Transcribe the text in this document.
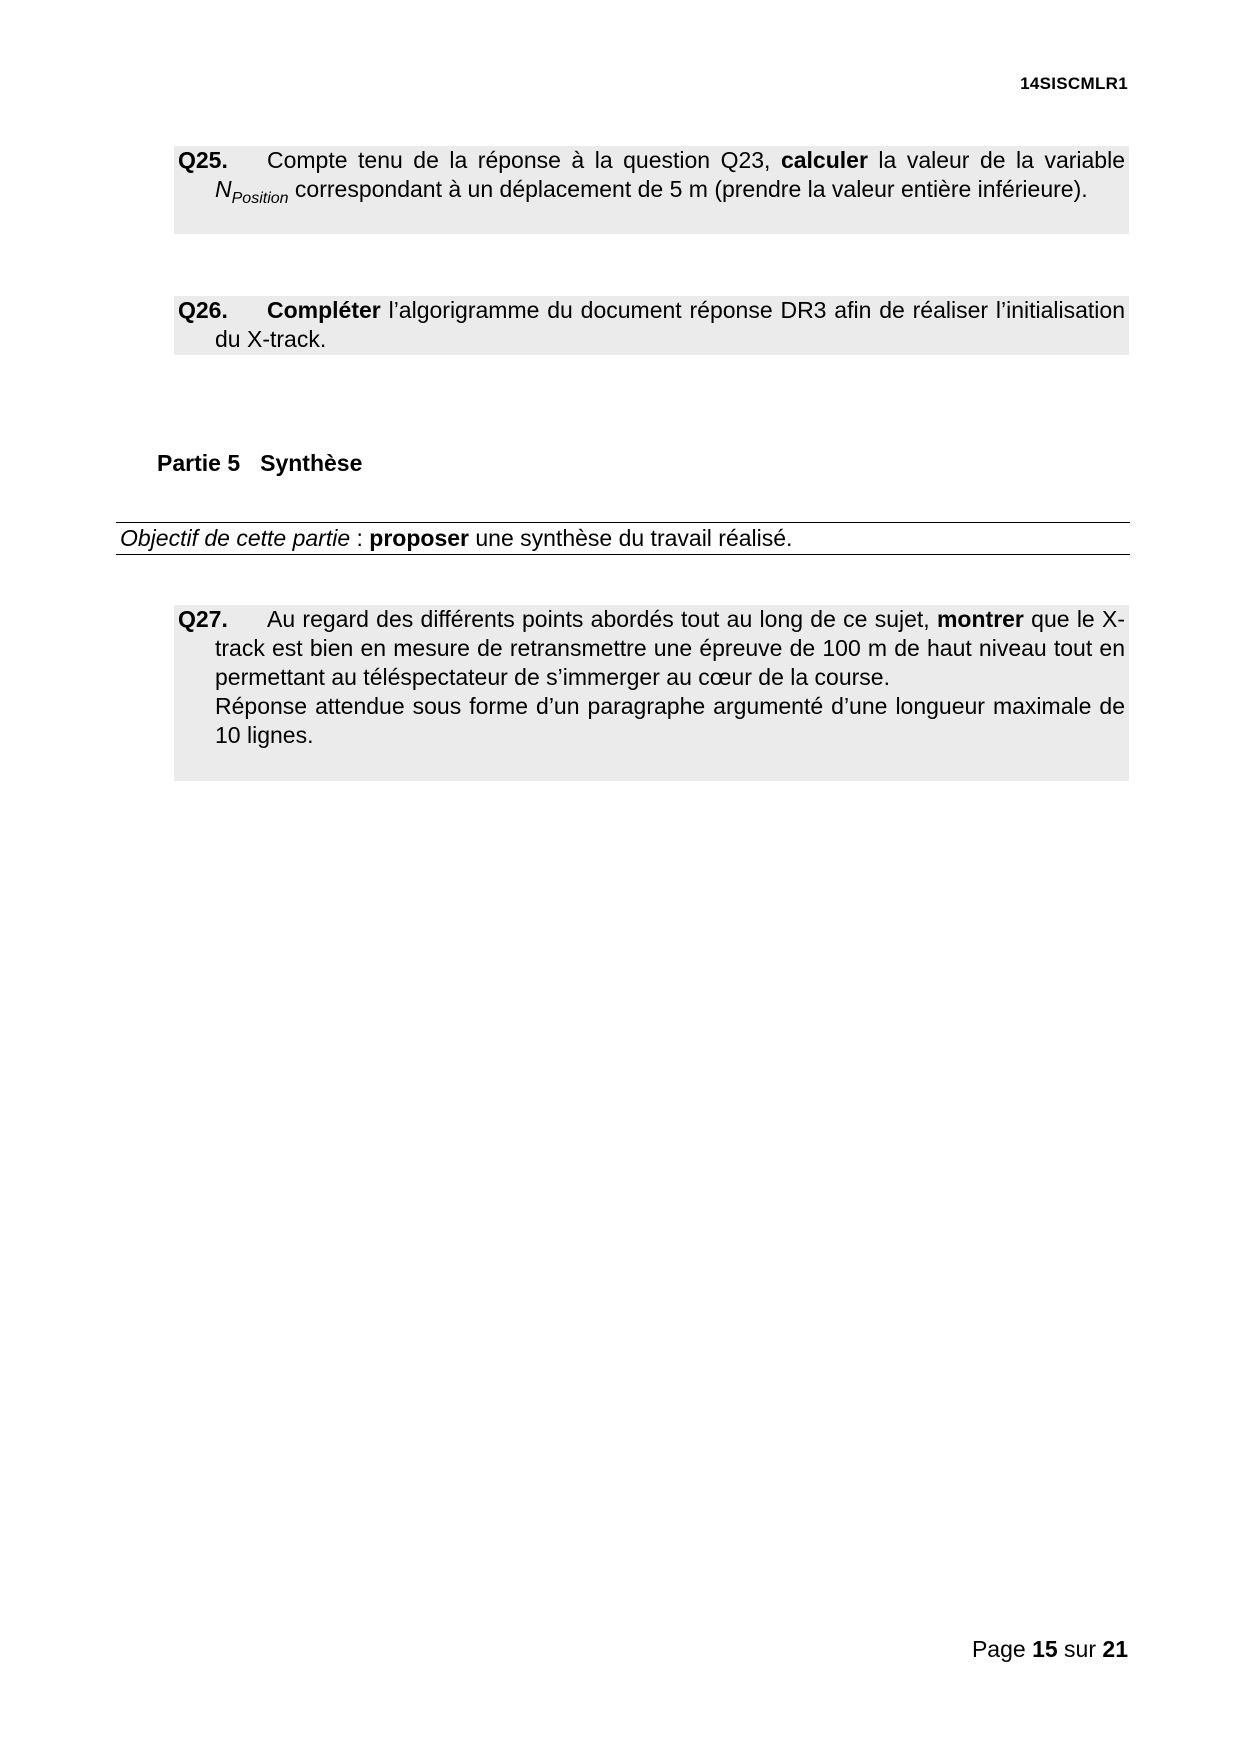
14SISCMLR1

Q25. Compte tenu de la réponse à la question Q23, calculer la valeur de la variable $N_{Position}$ correspondant à un déplacement de 5 m (prendre la valeur entière inférieure).

Q26. Compléter l’algorigramme du document réponse DR3 afin de réaliser l’initialisation du X-track.

Partie 5 Synthèse
Objectif de cette partie : proposer une synthèse du travail réalisé.

Q27. Au regard des différents points abordés tout au long de ce sujet, montrer que le X-track est bien en mesure de retransmettre une épreuve de 100 m de haut niveau tout en permettant au téléspectateur de s’immerger au cœur de la course.

Réponse attendue sous forme d’un paragraphe argumenté d’une longueur maximale de 10 lignes.

Page 15 sur 21
